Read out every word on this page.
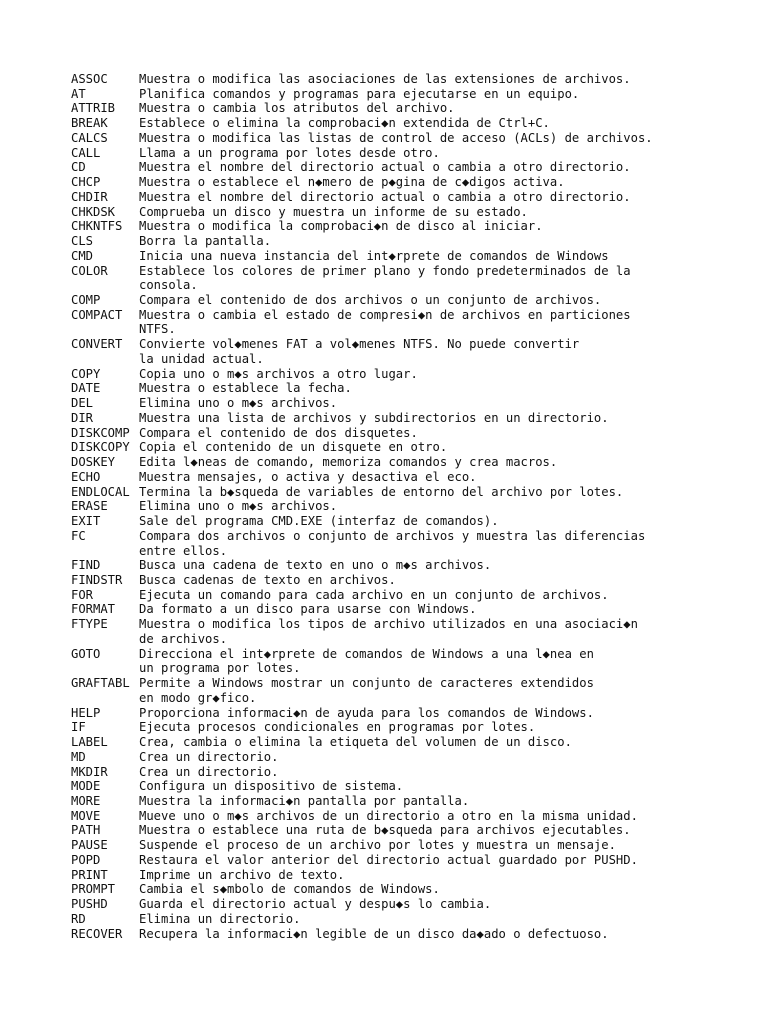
ASSOC	Muestra o modifica las asociaciones de las extensiones de archivos.
AT	Planifica comandos y programas para ejecutarse en un equipo.
ATTRIB	Muestra o cambia los atributos del archivo.
BREAK	Establece o elimina la comprobaci◆n extendida de Ctrl+C.
CALCS	Muestra o modifica las listas de control de acceso (ACLs) de archivos.
CALL	Llama a un programa por lotes desde otro.
CD	Muestra el nombre del directorio actual o cambia a otro directorio.
CHCP	Muestra o establece el n◆mero de p◆gina de c◆digos activa.
CHDIR	Muestra el nombre del directorio actual o cambia a otro directorio.
CHKDSK	Comprueba un disco y muestra un informe de su estado.
CHKNTFS	Muestra o modifica la comprobaci◆n de disco al iniciar.
CLS	Borra la pantalla.
CMD	Inicia una nueva instancia del int◆rprete de comandos de Windows
COLOR	Establece los colores de primer plano y fondo predeterminados de la
consola.
COMP	Compara el contenido de dos archivos o un conjunto de archivos.
COMPACT	Muestra o cambia el estado de compresi◆n de archivos en particiones
NTFS.
CONVERT	Convierte vol◆menes FAT a vol◆menes NTFS. No puede convertir
la unidad actual.
COPY	Copia uno o m◆s archivos a otro lugar.
DATE	Muestra o establece la fecha.
DEL	Elimina uno o m◆s archivos.
DIR	Muestra una lista de archivos y subdirectorios en un directorio.
DISKCOMP Compara el contenido de dos disquetes.
DISKCOPY Copia el contenido de un disquete en otro.
DOSKEY	Edita l◆neas de comando, memoriza comandos y crea macros.
ECHO	Muestra mensajes, o activa y desactiva el eco.
ENDLOCAL Termina la b◆squeda de variables de entorno del archivo por lotes.
ERASE	Elimina uno o m◆s archivos.
EXIT	Sale del programa CMD.EXE (interfaz de comandos).
FC	Compara dos archivos o conjunto de archivos y muestra las diferencias
entre ellos.
FIND	Busca una cadena de texto en uno o m◆s archivos.
FINDSTR	Busca cadenas de texto en archivos.
FOR	Ejecuta un comando para cada archivo en un conjunto de archivos.
FORMAT	Da formato a un disco para usarse con Windows.
FTYPE	Muestra o modifica los tipos de archivo utilizados en una asociaci◆n
de archivos.
GOTO	Direcciona el int◆rprete de comandos de Windows a una l◆nea en
un programa por lotes.
GRAFTABL Permite a Windows mostrar un conjunto de caracteres extendidos
en modo gr◆fico.
HELP	Proporciona informaci◆n de ayuda para los comandos de Windows.
IF	Ejecuta procesos condicionales en programas por lotes.
LABEL	Crea, cambia o elimina la etiqueta del volumen de un disco.
MD	Crea un directorio.
MKDIR	Crea un directorio.
MODE	Configura un dispositivo de sistema.
MORE	Muestra la informaci◆n pantalla por pantalla.
MOVE	Mueve uno o m◆s archivos de un directorio a otro en la misma unidad.
PATH	Muestra o establece una ruta de b◆squeda para archivos ejecutables.
PAUSE	Suspende el proceso de un archivo por lotes y muestra un mensaje.
POPD	Restaura el valor anterior del directorio actual guardado por PUSHD.
PRINT	Imprime un archivo de texto.
PROMPT	Cambia el s◆mbolo de comandos de Windows.
PUSHD	Guarda el directorio actual y despu◆s lo cambia.
RD	Elimina un directorio.
RECOVER	Recupera la informaci◆n legible de un disco da◆ado o defectuoso.
